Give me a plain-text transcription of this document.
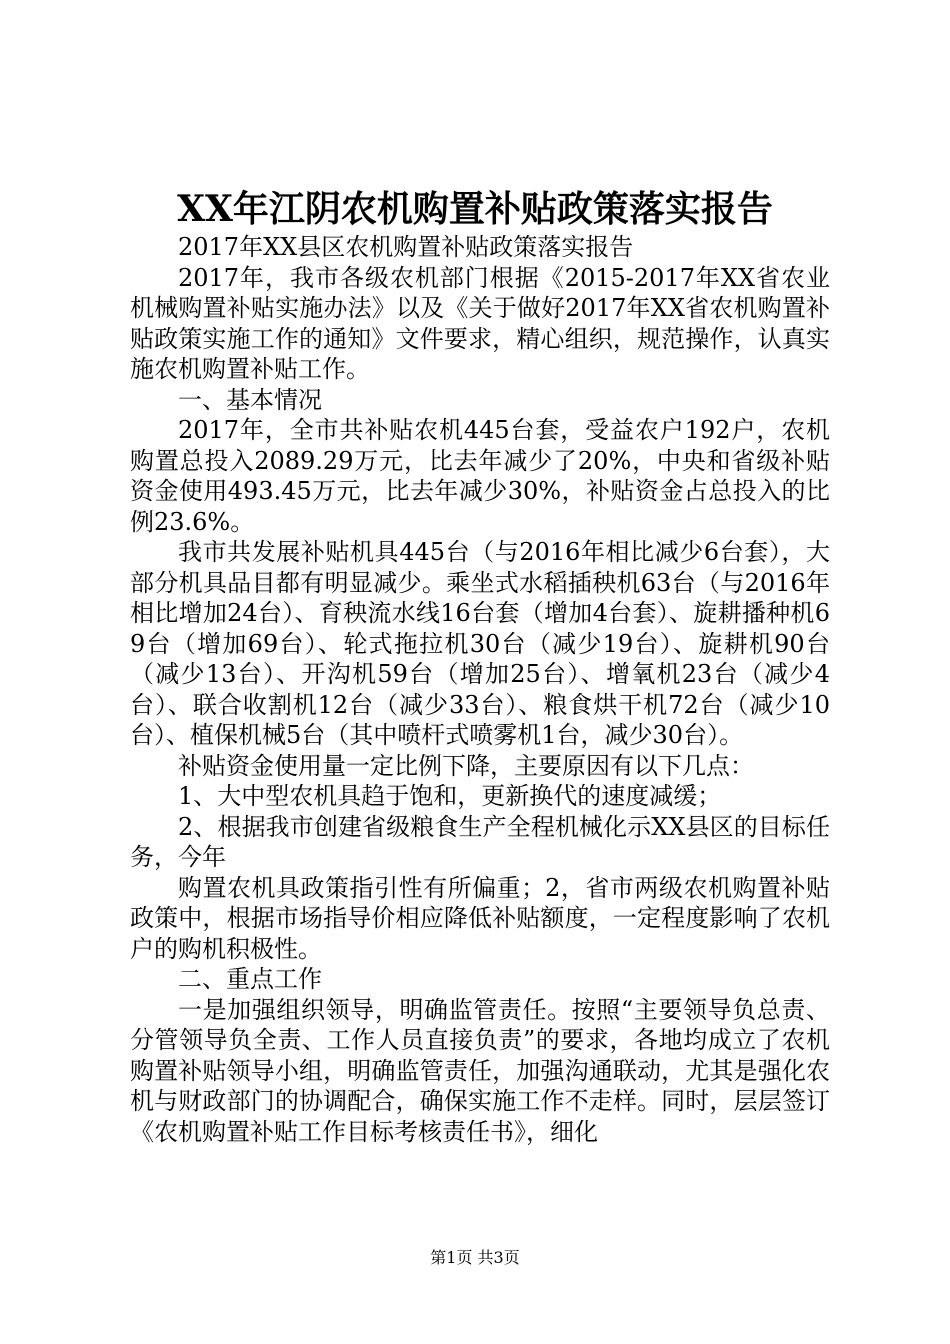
XX年江阴农机购置补贴政策落实报告

2017年XX县区农机购置补贴政策落实报告

2017年，我市各级农机部门根据《2015-2017年XX省农业机械购置补贴实施办法》以及《关于做好2017年XX省农机购置补贴政策实施工作的通知》文件要求，精心组织，规范操作，认真实施农机购置补贴工作。

一、基本情况

2017年，全市共补贴农机445台套，受益农户192户，农机购置总投入2089.29万元，比去年减少了20%，中央和省级补贴资金使用493.45万元，比去年减少30%，补贴资金占总投入的比例23.6%。

我市共发展补贴机具445台（与2016年相比减少6台套），大部分机具品目都有明显减少。乘坐式水稻插秧机63台（与2016年相比增加24台）、育秧流水线16台套（增加4台套）、旋耕播种机69台（增加69台）、轮式拖拉机30台（减少19台）、旋耕机90台（减少13台）、开沟机59台（增加25台）、增氧机23台（减少4台）、联合收割机12台（减少33台）、粮食烘干机72台（减少10台）、植保机械5台（其中喷杆式喷雾机1台，减少30台）。

补贴资金使用量一定比例下降，主要原因有以下几点：

1、大中型农机具趋于饱和，更新换代的速度减缓；

2、根据我市创建省级粮食生产全程机械化示XX县区的目标任务，今年

购置农机具政策指引性有所偏重；2，省市两级农机购置补贴政策中，根据市场指导价相应降低补贴额度，一定程度影响了农机户的购机积极性。

二、重点工作

一是加强组织领导，明确监管责任。按照“主要领导负总责、分管领导负全责、工作人员直接负责”的要求，各地均成立了农机购置补贴领导小组，明确监管责任，加强沟通联动，尤其是强化农机与财政部门的协调配合，确保实施工作不走样。同时，层层签订《农机购置补贴工作目标考核责任书》，细化

第1页 共3页
